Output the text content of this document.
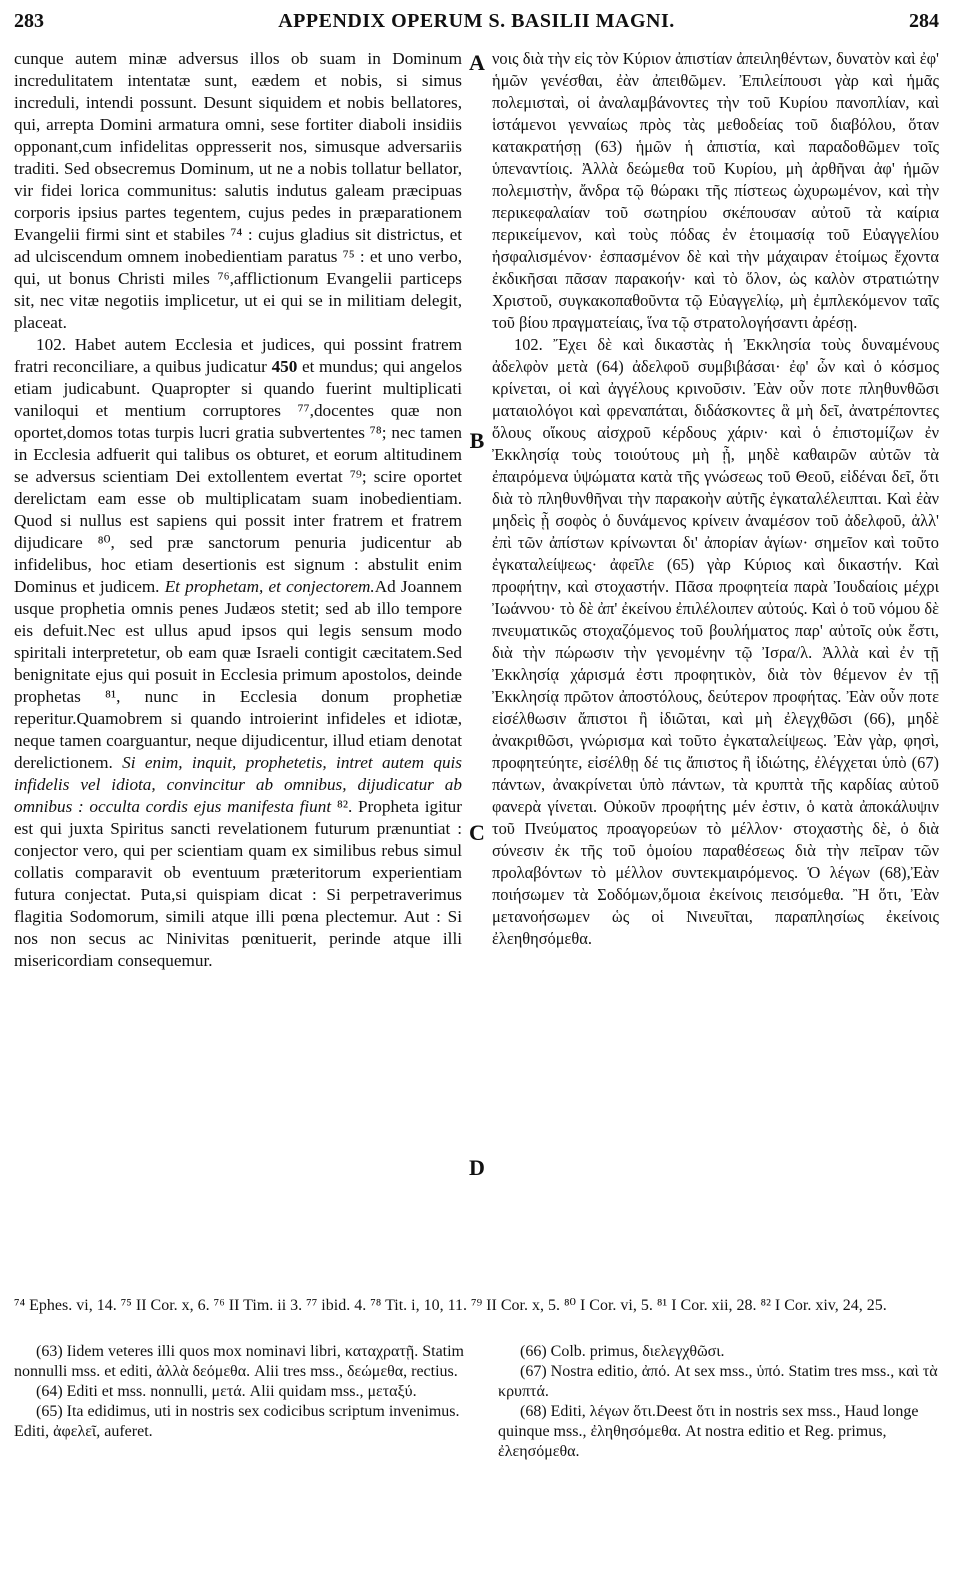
283	APPENDIX OPERUM S. BASILII MAGNI.	284

cunque autem minæ adversus illos ob suam in Dominum incredulitatem intentatæ sunt, eædem et nobis, si simus increduli, intendi possunt. Desunt siquidem et nobis bellatores, qui, arrepta Domini armatura omni, sese fortiter diaboli insidiis opponant,cum infidelitas oppresserit nos, simusque adversariis traditi. Sed obsecremus Dominum, ut ne a nobis tollatur bellator, vir fidei lorica communitus: salutis indutus galeam præcipuas corporis ipsius partes tegentem, cujus pedes in præparationem Evangelii firmi sint et stabiles ⁷⁴ : cujus gladius sit districtus, et ad ulciscendum omnem inobedientiam paratus ⁷⁵ : et uno verbo, qui, ut bonus Christi miles ⁷⁶,afflictionum Evangelii particeps sit, nec vitæ negotiis implicetur, ut ei qui se in militiam delegit, placeat.

102. Habet autem Ecclesia et judices, qui possint fratrem fratri reconciliare, a quibus judicatur 450 et mundus; qui angelos etiam judicabunt. Quapropter si quando fuerint multiplicati vaniloqui et mentium corruptores ⁷⁷,docentes quæ non oportet,domos totas turpis lucri gratia subvertentes ⁷⁸; nec tamen in Ecclesia adfuerit qui talibus os obturet, et eorum altitudinem se adversus scientiam Dei extollentem evertat ⁷⁹; scire oportet derelictam eam esse ob multiplicatam suam inobedientiam. Quod si nullus est sapiens qui possit inter fratrem et fratrem dijudicare ⁸⁰, sed præ sanctorum penuria judicentur ab infidelibus, hoc etiam desertionis est signum : abstulit enim Dominus et judicem. Et prophetam, et conjectorem.Ad Joannem usque prophetia omnis penes Judæos stetit; sed ab illo tempore eis defuit.Nec est ullus apud ipsos qui legis sensum modo spiritali interpretetur, ob eam quæ Israeli contigit cæcitatem.Sed benignitate ejus qui posuit in Ecclesia primum apostolos, deinde prophetas ⁸¹, nunc in Ecclesia donum prophetiæ reperitur.Quamobrem si quando introierint infideles et idiotæ, neque tamen coarguantur, neque dijudicentur, illud etiam denotat derelictionem. Si enim, inquit, prophetetis, intret autem quis infidelis vel idiota, convincitur ab omnibus, dijudicatur ab omnibus : occulta cordis ejus manifesta fiunt ⁸². Propheta igitur est qui juxta Spiritus sancti revelationem futurum prænuntiat : conjector vero, qui per scientiam quam ex similibus rebus simul collatis comparavit ob eventuum præteritorum experientiam futura conjectat. Puta,si quispiam dicat : Si perpetraverimus flagitia Sodomorum, simili atque illi pœna plectemur. Aut : Si nos non secus ac Ninivitas pœnituerit, perinde atque illi misericordiam consequemur.

A
B
C
D

νοις διὰ τὴν εἰς τὸν Κύριον ἀπιστίαν ἀπειληθέντων, δυνατὸν καὶ ἐφ' ἡμῶν γενέσθαι, ἐὰν ἀπειθῶμεν. Ἐπιλείπουσι γὰρ καὶ ἡμᾶς πολεμισταὶ, οἱ ἀναλαμβάνοντες τὴν τοῦ Κυρίου πανοπλίαν, καὶ ἱστάμενοι γενναίως πρὸς τὰς μεθοδείας τοῦ διαβόλου, ὅταν κατακρατήσῃ (63) ἡμῶν ἡ ἀπιστία, καὶ παραδοθῶμεν τοῖς ὑπεναντίοις. Ἀλλὰ δεώμεθα τοῦ Κυρίου, μὴ ἀρθῆναι ἀφ' ἡμῶν πολεμιστὴν, ἄνδρα τῷ θώρακι τῆς πίστεως ὠχυρωμένον, καὶ τὴν περικεφαλαίαν τοῦ σωτηρίου σκέπουσαν αὐτοῦ τὰ καίρια περικείμενον, καὶ τοὺς πόδας ἐν ἑτοιμασίᾳ τοῦ Εὐαγγελίου ἠσφαλισμένον· ἐσπασμένον δὲ καὶ τὴν μάχαιραν ἑτοίμως ἔχοντα ἐκδικῆσαι πᾶσαν παρακοήν· καὶ τὸ ὅλον, ὡς καλὸν στρατιώτην Χριστοῦ, συγκακοπαθοῦντα τῷ Εὐαγγελίῳ, μὴ ἐμπλεκόμενον ταῖς τοῦ βίου πραγματείαις, ἵνα τῷ στρατολογήσαντι ἀρέσῃ.

102. Ἔχει δὲ καὶ δικαστὰς ἡ Ἐκκλησία τοὺς δυναμένους ἀδελφὸν μετὰ (64) ἀδελφοῦ συμβιβάσαι· ἐφ' ὧν καὶ ὁ κόσμος κρίνεται, οἱ καὶ ἀγγέλους κρινοῦσιν. Ἐὰν οὖν ποτε πληθυνθῶσι ματαιολόγοι καὶ φρεναπάται, διδάσκοντες ἃ μὴ δεῖ, ἀνατρέποντες ὅλους οἴκους αἰσχροῦ κέρδους χάριν· καὶ ὁ ἐπιστομίζων ἐν Ἐκκλησίᾳ τοὺς τοιούτους μὴ ᾖ, μηδὲ καθαιρῶν αὐτῶν τὰ ἐπαιρόμενα ὑψώματα κατὰ τῆς γνώσεως τοῦ Θεοῦ, εἰδέναι δεῖ, ὅτι διὰ τὸ πληθυνθῆναι τὴν παρακοὴν αὐτῆς ἐγκαταλέλειπται. Καὶ ἐὰν μηδεὶς ᾖ σοφὸς ὁ δυνάμενος κρίνειν ἀναμέσον τοῦ ἀδελφοῦ, ἀλλ' ἐπὶ τῶν ἀπίστων κρίνωνται δι' ἀπορίαν ἁγίων· σημεῖον καὶ τοῦτο ἐγκαταλείψεως· ἀφεῖλε (65) γὰρ Κύριος καὶ δικαστήν. Καὶ προφήτην, καὶ στοχαστήν. Πᾶσα προφητεία παρὰ Ἰουδαίοις μέχρι Ἰωάννου· τὸ δὲ ἀπ' ἐκείνου ἐπιλέλοιπεν αὐτούς. Καὶ ὁ τοῦ νόμου δὲ πνευματικῶς στοχαζόμενος τοῦ βουλήματος παρ' αὐτοῖς οὐκ ἔστι, διὰ τὴν πώρωσιν τὴν γενομένην τῷ Ἰσρα/λ. Ἀλλὰ καὶ ἐν τῇ Ἐκκλησίᾳ χάρισμά ἐστι προφητικὸν, διὰ τὸν θέμενον ἐν τῇ Ἐκκλησίᾳ πρῶτον ἀποστόλους, δεύτερον προφήτας. Ἐὰν οὖν ποτε εἰσέλθωσιν ἄπιστοι ἢ ἰδιῶται, καὶ μὴ ἐλεγχθῶσι (66), μηδὲ ἀνακριθῶσι, γνώρισμα καὶ τοῦτο ἐγκαταλείψεως. Ἐὰν γὰρ, φησὶ, προφητεύητε, εἰσέλθῃ δέ τις ἄπιστος ἢ ἰδιώτης, ἐλέγχεται ὑπὸ (67) πάντων, ἀνακρίνεται ὑπὸ πάντων, τὰ κρυπτὰ τῆς καρδίας αὐτοῦ φανερὰ γίνεται. Οὐκοῦν προφήτης μέν ἐστιν, ὁ κατὰ ἀποκάλυψιν τοῦ Πνεύματος προαγορεύων τὸ μέλλον· στοχαστὴς δὲ, ὁ διὰ σύνεσιν ἐκ τῆς τοῦ ὁμοίου παραθέσεως διὰ τὴν πεῖραν τῶν προλαβόντων τὸ μέλλον συντεκμαιρόμενος. Ὁ λέγων (68),Ἐὰν ποιήσωμεν τὰ Σοδόμων,ὅμοια ἐκείνοις πεισόμεθα. Ἢ ὅτι, Ἐὰν μετανοήσωμεν ὡς οἱ Νινευῖται, παραπλησίως ἐκείνοις ἐλεηθησόμεθα.

⁷⁴ Ephes. vi, 14. ⁷⁵ II Cor. x, 6. ⁷⁶ II Tim. ii 3. ⁷⁷ ibid. 4. ⁷⁸ Tit. i, 10, 11. ⁷⁹ II Cor. x, 5. ⁸⁰ I Cor. vi, 5. ⁸¹ I Cor. xii, 28. ⁸² I Cor. xiv, 24, 25.

(63) Iidem veteres illi quos mox nominavi libri, καταχρατῇ. Statim nonnulli mss. et editi, ἀλλὰ δεόμεθα. Alii tres mss., δεώμεθα, rectius.

(64) Editi et mss. nonnulli, μετά. Alii quidam mss., μεταξύ.

(65) Ita edidimus, uti in nostris sex codicibus scriptum invenimus. Editi, ἀφελεῖ, auferet.

(66) Colb. primus, διελεγχθῶσι.

(67) Nostra editio, ἀπό. At sex mss., ὑπό. Statim tres mss., καὶ τὰ κρυπτά.

(68) Editi, λέγων ὅτι.Deest ὅτι in nostris sex mss., Haud longe quinque mss., ἐληθησόμεθα. At nostra editio et Reg. primus, ἐλεησόμεθα.
